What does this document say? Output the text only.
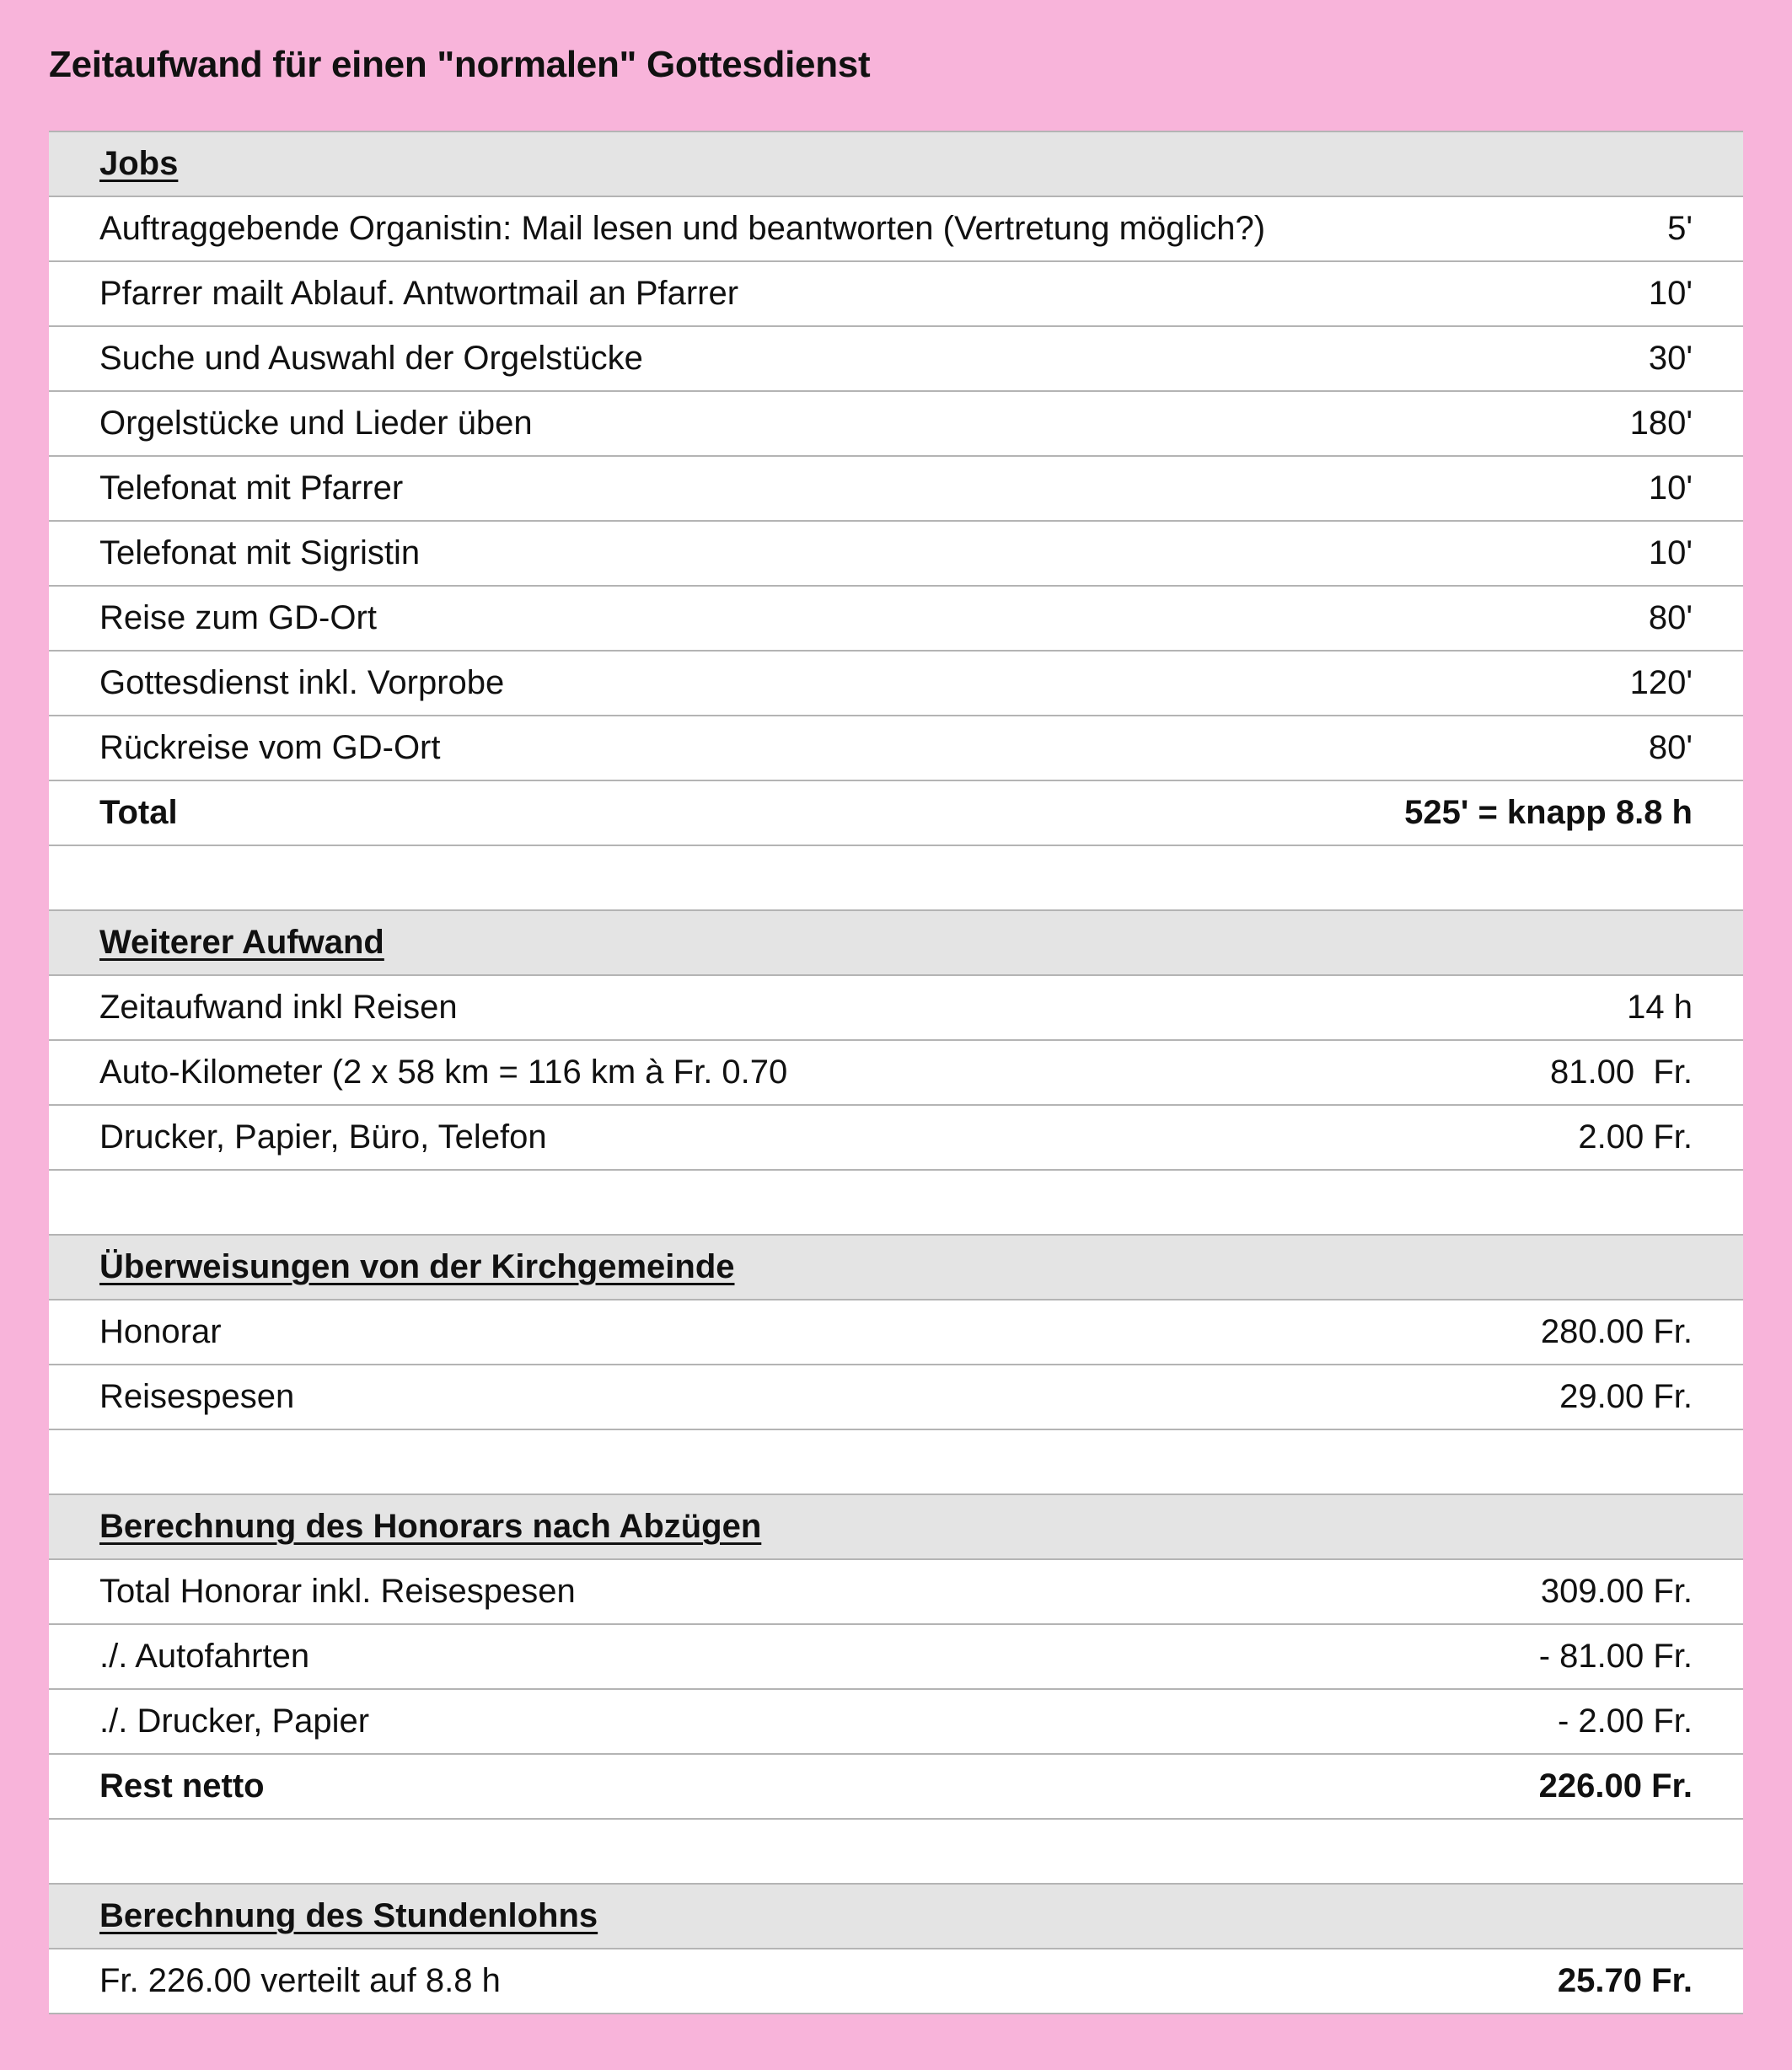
Zeitaufwand für einen "normalen" Gottesdienst
Jobs
Auftraggebende Organistin: Mail lesen und beantworten (Vertretung möglich?)	5'
Pfarrer mailt Ablauf. Antwortmail an Pfarrer	10'
Suche und Auswahl der Orgelstücke	30'
Orgelstücke und Lieder üben	180'
Telefonat mit Pfarrer	10'
Telefonat mit Sigristin	10'
Reise zum GD-Ort	80'
Gottesdienst inkl. Vorprobe	120'
Rückreise vom GD-Ort	80'
Total	525' = knapp 8.8 h
Weiterer Aufwand
Zeitaufwand inkl Reisen	14 h
Auto-Kilometer (2 x 58 km = 116 km à Fr. 0.70	81.00  Fr.
Drucker, Papier, Büro, Telefon	2.00 Fr.
Überweisungen von der Kirchgemeinde
Honorar	280.00 Fr.
Reisespesen	29.00 Fr.
Berechnung des Honorars nach Abzügen
Total Honorar inkl. Reisespesen	309.00 Fr.
./. Autofahrten	- 81.00 Fr.
./. Drucker, Papier	- 2.00 Fr.
Rest netto	226.00 Fr.
Berechnung des Stundenlohns
Fr. 226.00 verteilt auf 8.8 h	25.70 Fr.
